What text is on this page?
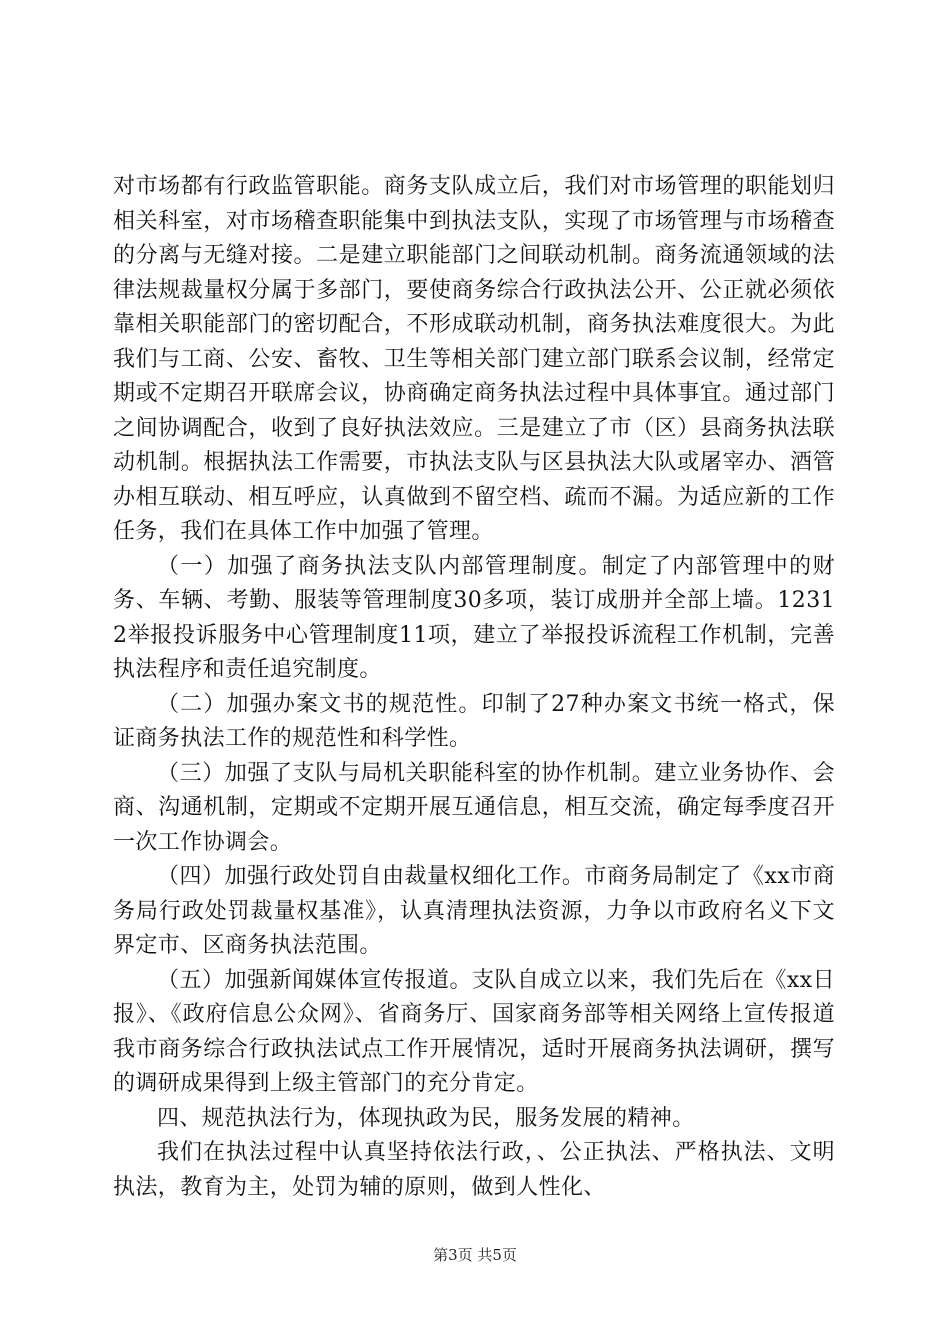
对市场都有行政监管职能。商务支队成立后，我们对市场管理的职能划归相关科室，对市场稽查职能集中到执法支队，实现了市场管理与市场稽查的分离与无缝对接。二是建立职能部门之间联动机制。商务流通领域的法律法规裁量权分属于多部门，要使商务综合行政执法公开、公正就必须依靠相关职能部门的密切配合，不形成联动机制，商务执法难度很大。为此我们与工商、公安、畜牧、卫生等相关部门建立部门联系会议制，经常定期或不定期召开联席会议，协商确定商务执法过程中具体事宜。通过部门之间协调配合，收到了良好执法效应。三是建立了市（区）县商务执法联动机制。根据执法工作需要，市执法支队与区县执法大队或屠宰办、酒管办相互联动、相互呼应，认真做到不留空档、疏而不漏。为适应新的工作任务，我们在具体工作中加强了管理。

（一）加强了商务执法支队内部管理制度。制定了内部管理中的财务、车辆、考勤、服装等管理制度30多项，装订成册并全部上墙。12312举报投诉服务中心管理制度11项，建立了举报投诉流程工作机制，完善执法程序和责任追究制度。

（二）加强办案文书的规范性。印制了27种办案文书统一格式，保证商务执法工作的规范性和科学性。

（三）加强了支队与局机关职能科室的协作机制。建立业务协作、会商、沟通机制，定期或不定期开展互通信息，相互交流，确定每季度召开一次工作协调会。

（四）加强行政处罚自由裁量权细化工作。市商务局制定了《xx市商务局行政处罚裁量权基准》，认真清理执法资源，力争以市政府名义下文界定市、区商务执法范围。

（五）加强新闻媒体宣传报道。支队自成立以来，我们先后在《xx日报》、《政府信息公众网》、省商务厅、国家商务部等相关网络上宣传报道我市商务综合行政执法试点工作开展情况，适时开展商务执法调研，撰写的调研成果得到上级主管部门的充分肯定。

四、规范执法行为，体现执政为民，服务发展的精神。

我们在执法过程中认真坚持依法行政，、公正执法、严格执法、文明执法，教育为主，处罚为辅的原则，做到人性化、

第3页 共5页
